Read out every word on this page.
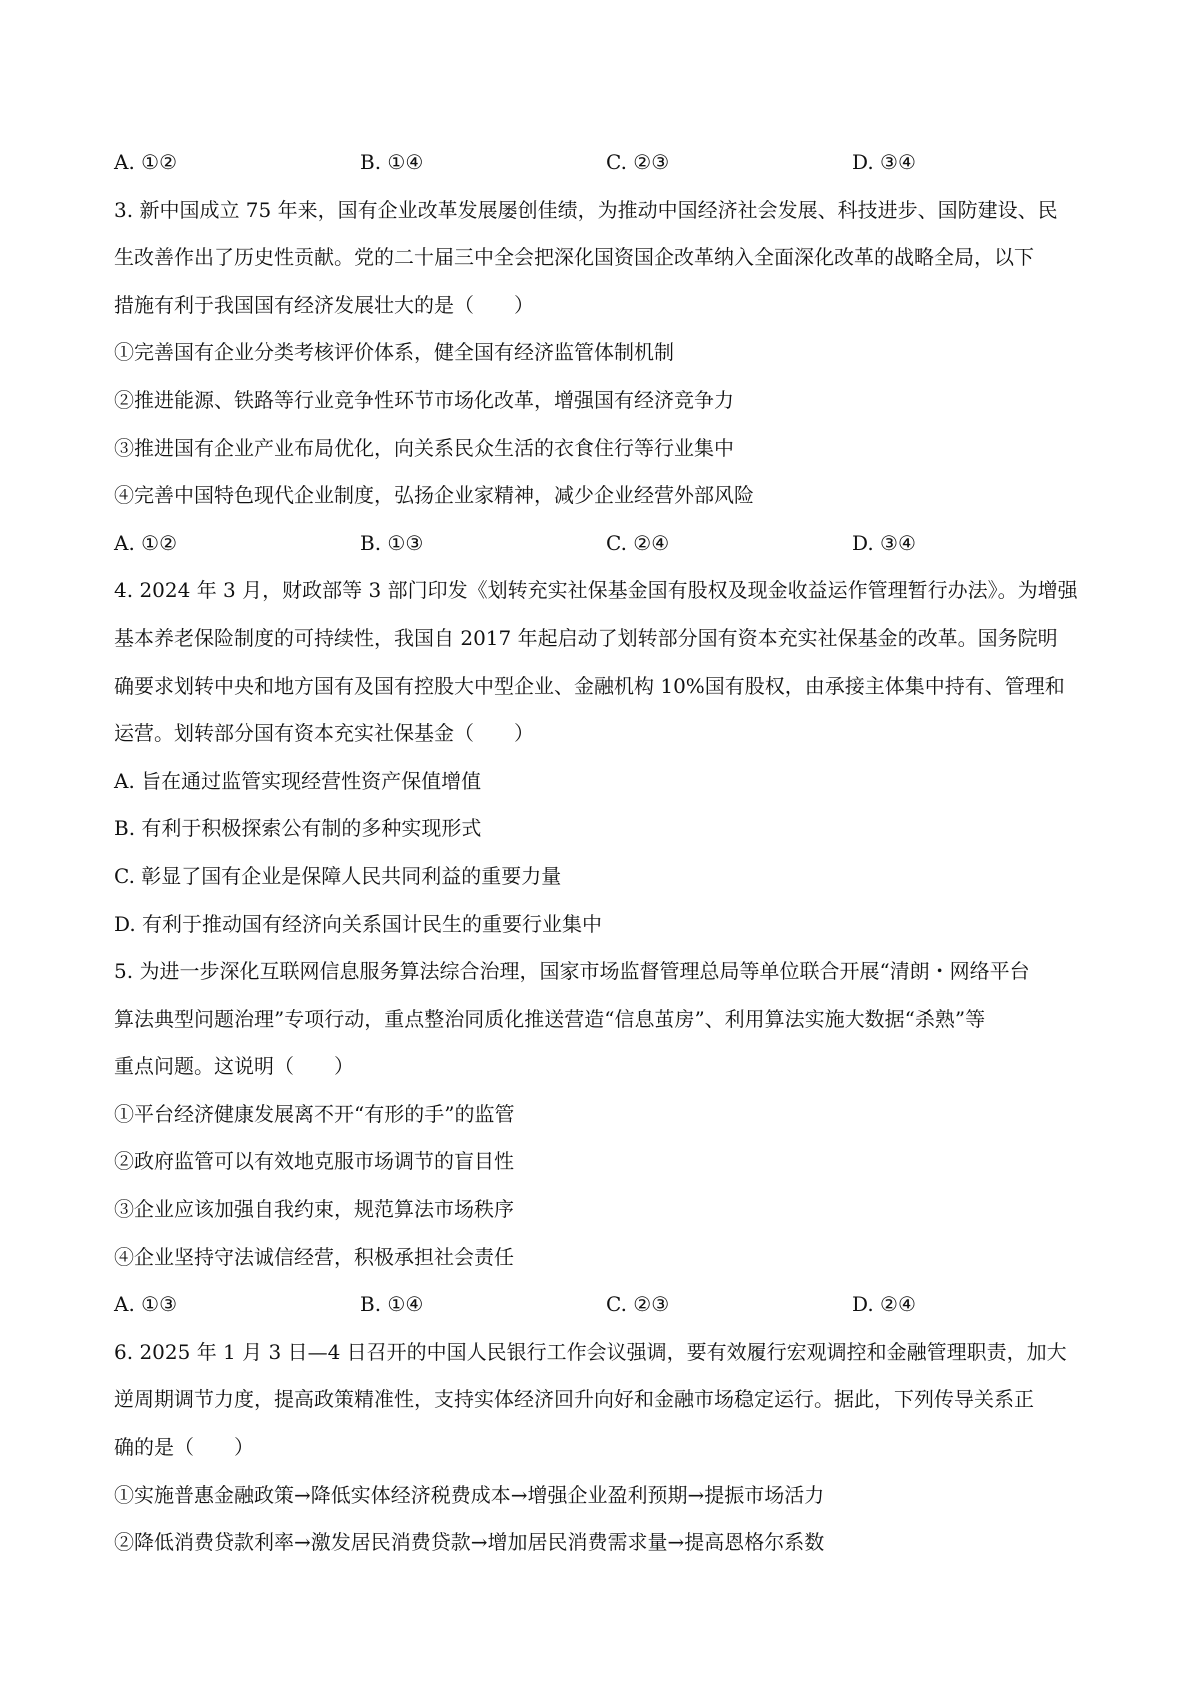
A. ①②	B. ①④	C. ②③	D. ③④
3. 新中国成立 75 年来，国有企业改革发展屡创佳绩，为推动中国经济社会发展、科技进步、国防建设、民
生改善作出了历史性贡献。党的二十届三中全会把深化国资国企改革纳入全面深化改革的战略全局，以下
措施有利于我国国有经济发展壮大的是（　　）
①完善国有企业分类考核评价体系，健全国有经济监管体制机制
②推进能源、铁路等行业竞争性环节市场化改革，增强国有经济竞争力
③推进国有企业产业布局优化，向关系民众生活的衣食住行等行业集中
④完善中国特色现代企业制度，弘扬企业家精神，减少企业经营外部风险
A. ①②	B. ①③	C. ②④	D. ③④
4. 2024 年 3 月，财政部等 3 部门印发《划转充实社保基金国有股权及现金收益运作管理暂行办法》。为增强
基本养老保险制度的可持续性，我国自 2017 年起启动了划转部分国有资本充实社保基金的改革。国务院明
确要求划转中央和地方国有及国有控股大中型企业、金融机构 10%国有股权，由承接主体集中持有、管理和
运营。划转部分国有资本充实社保基金（　　）
A. 旨在通过监管实现经营性资产保值增值
B. 有利于积极探索公有制的多种实现形式
C. 彰显了国有企业是保障人民共同利益的重要力量
D. 有利于推动国有经济向关系国计民生的重要行业集中
5. 为进一步深化互联网信息服务算法综合治理，国家市场监督管理总局等单位联合开展“清朗・网络平台
算法典型问题治理”专项行动，重点整治同质化推送营造“信息茧房”、利用算法实施大数据“杀熟”等
重点问题。这说明（　　）
①平台经济健康发展离不开“有形的手”的监管
②政府监管可以有效地克服市场调节的盲目性
③企业应该加强自我约束，规范算法市场秩序
④企业坚持守法诚信经营，积极承担社会责任
A. ①③	B. ①④	C. ②③	D. ②④
6. 2025 年 1 月 3 日—4 日召开的中国人民银行工作会议强调，要有效履行宏观调控和金融管理职责，加大
逆周期调节力度，提高政策精准性，支持实体经济回升向好和金融市场稳定运行。据此，下列传导关系正
确的是（　　）
①实施普惠金融政策→降低实体经济税费成本→增强企业盈利预期→提振市场活力
②降低消费贷款利率→激发居民消费贷款→增加居民消费需求量→提高恩格尔系数
